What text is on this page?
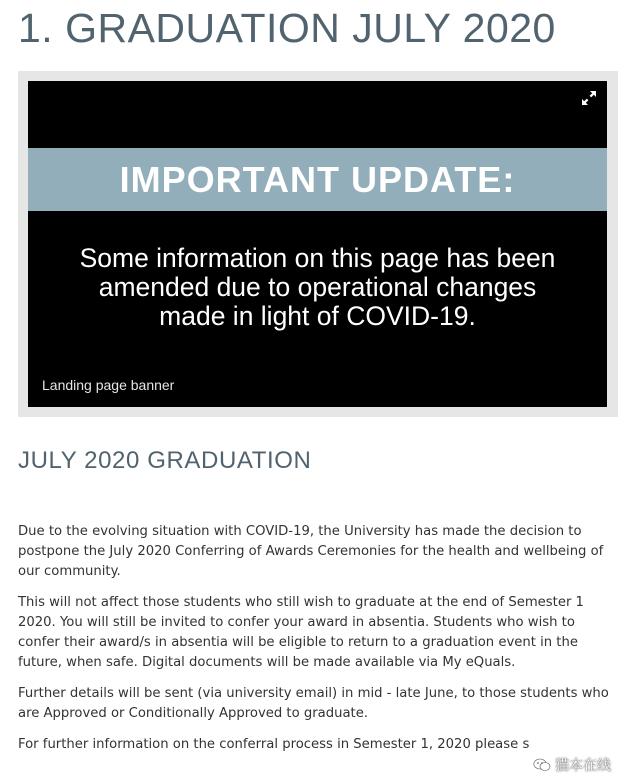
1. GRADUATION JULY 2020
IMPORTANT UPDATE:

Some information on this page has been
amended due to operational changes
made in light of COVID-19.

Landing page banner
JULY 2020 GRADUATION

Due to the evolving situation with COVID-19, the University has made the decision to postpone the July 2020 Conferring of Awards Ceremonies for the health and wellbeing of our community.

This will not affect those students who still wish to graduate at the end of Semester 1 2020. You will still be invited to confer your award in absentia. Students who wish to confer their award/s in absentia will be eligible to return to a graduation event in the future, when safe. Digital documents will be made available via My eQuals.

Further details will be sent (via university email) in mid - late June, to those students who are Approved or Conditionally Approved to graduate.

For further information on the conferral process in Semester 1, 2020 please s

猫本在线
